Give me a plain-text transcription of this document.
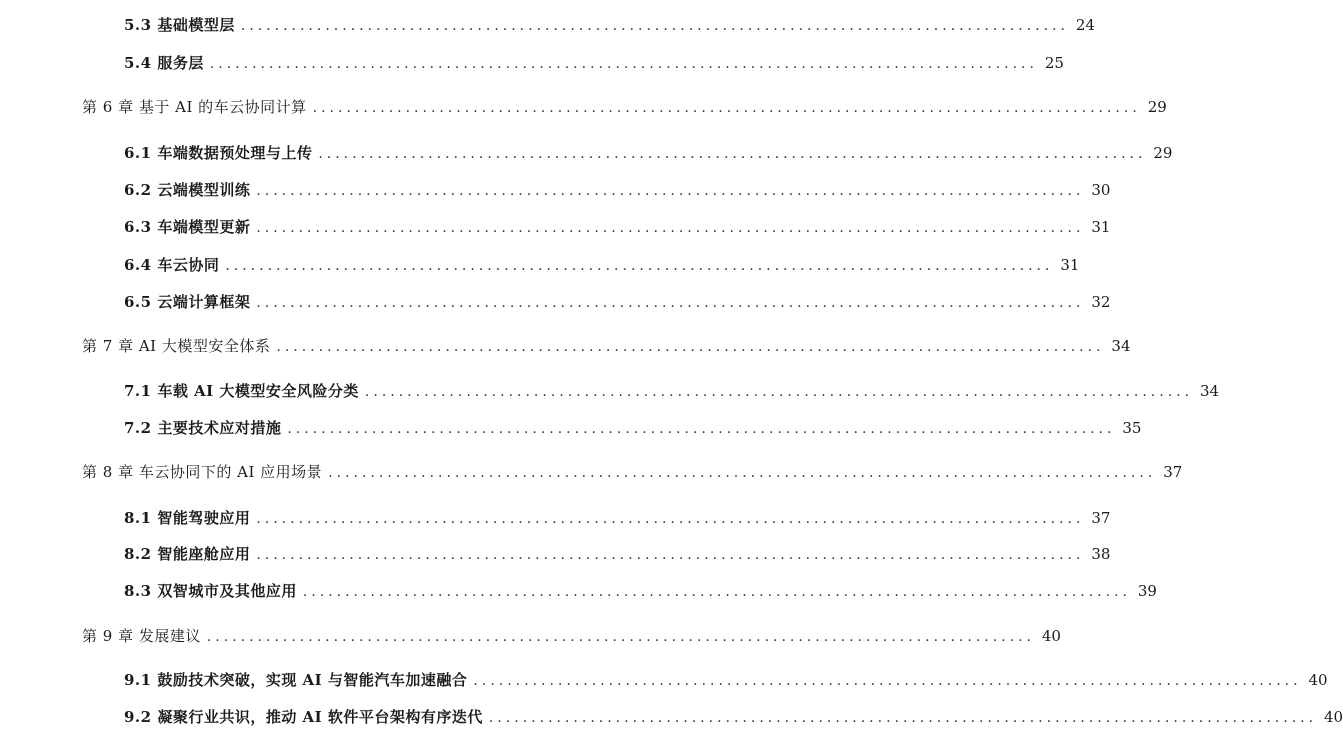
5.3 基础模型层 .................................................................................................. 24
5.4 服务层 .................................................................................................. 25
第 6 章 基于 AI 的车云协同计算 .................................................................................................. 29
6.1 车端数据预处理与上传 .................................................................................................. 29
6.2 云端模型训练 .................................................................................................. 30
6.3 车端模型更新 .................................................................................................. 31
6.4 车云协同 .................................................................................................. 31
6.5 云端计算框架 .................................................................................................. 32
第 7 章 AI 大模型安全体系 .................................................................................................. 34
7.1 车载 AI 大模型安全风险分类 .................................................................................................. 34
7.2 主要技术应对措施 .................................................................................................. 35
第 8 章 车云协同下的 AI 应用场景 .................................................................................................. 37
8.1 智能驾驶应用 .................................................................................................. 37
8.2 智能座舱应用 .................................................................................................. 38
8.3 双智城市及其他应用 .................................................................................................. 39
第 9 章 发展建议 .................................................................................................. 40
9.1 鼓励技术突破，实现 AI 与智能汽车加速融合 .................................................................................................. 40
9.2 凝聚行业共识，推动 AI 软件平台架构有序迭代 .................................................................................................. 40
